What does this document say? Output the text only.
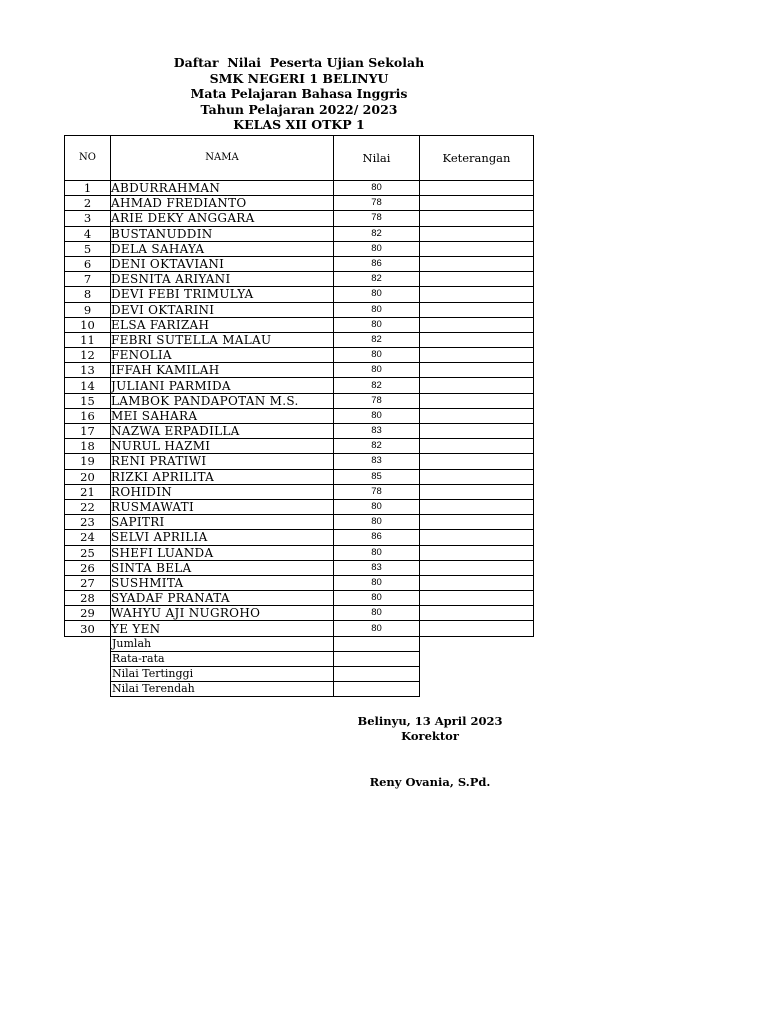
Daftar  Nilai  Peserta Ujian Sekolah
SMK NEGERI 1 BELINYU
Mata Pelajaran Bahasa Inggris
Tahun Pelajaran 2022/ 2023
KELAS XII OTKP 1
NO	NAMA	Nilai	Keterangan
1	ABDURRAHMAN	80	
2	AHMAD FREDIANTO	78	
3	ARIE DEKY ANGGARA	78	
4	BUSTANUDDIN	82	
5	DELA SAHAYA	80	
6	DENI OKTAVIANI	86	
7	DESNITA ARIYANI	82	
8	DEVI FEBI TRIMULYA	80	
9	DEVI OKTARINI	80	
10	ELSA FARIZAH	80	
11	FEBRI SUTELLA MALAU	82	
12	FENOLIA	80	
13	IFFAH KAMILAH	80	
14	JULIANI PARMIDA	82	
15	LAMBOK PANDAPOTAN M.S.	78	
16	MEI SAHARA	80	
17	NAZWA ERPADILLA	83	
18	NURUL HAZMI	82	
19	RENI PRATIWI	83	
20	RIZKI APRILITA	85	
21	ROHIDIN	78	
22	RUSMAWATI	80	
23	SAPITRI	80	
24	SELVI APRILIA	86	
25	SHEFI LUANDA	80	
26	SINTA BELA	83	
27	SUSHMITA	80	
28	SYADAF PRANATA	80	
29	WAHYU AJI NUGROHO	80	
30	YE YEN	80	
	Jumlah		
	Rata-rata		
	Nilai Tertinggi		
	Nilai Terendah		
Belinyu, 13 April 2023
Korektor
Reny Ovania, S.Pd.
